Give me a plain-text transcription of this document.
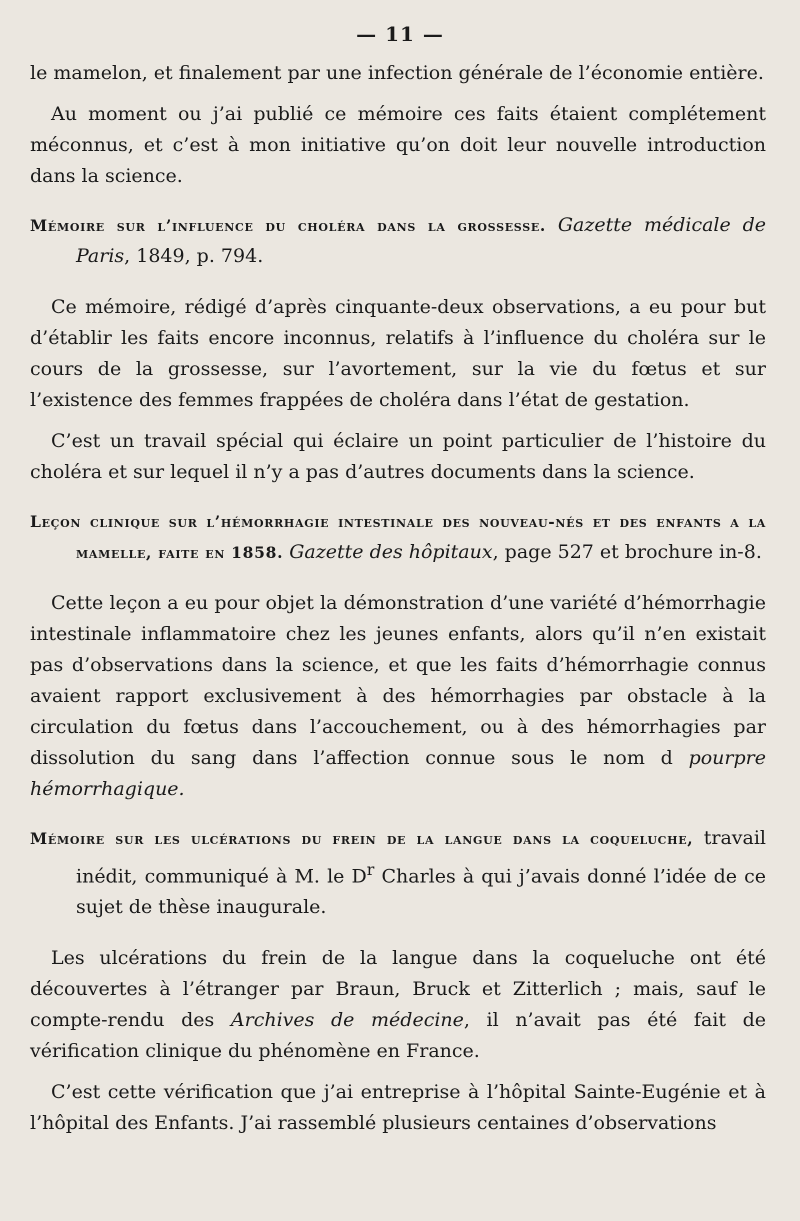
— 11 —

le mamelon, et finalement par une infection générale de l’économie entière.

Au moment ou j’ai publié ce mémoire ces faits étaient complétement méconnus, et c’est à mon initiative qu’on doit leur nouvelle introduction dans la science.

Mémoire sur l’influence du choléra dans la grossesse. Gazette médicale de Paris, 1849, p. 794.

Ce mémoire, rédigé d’après cinquante-deux observations, a eu pour but d’établir les faits encore inconnus, relatifs à l’influence du choléra sur le cours de la grossesse, sur l’avortement, sur la vie du fœtus et sur l’existence des femmes frappées de choléra dans l’état de gestation.

C’est un travail spécial qui éclaire un point particulier de l’histoire du choléra et sur lequel il n’y a pas d’autres documents dans la science.

Leçon clinique sur l’hémorrhagie intestinale des nouveau-nés et des enfants a la mamelle, faite en 1858. Gazette des hôpitaux, page 527 et brochure in-8.

Cette leçon a eu pour objet la démonstration d’une variété d’hémorrhagie intestinale inflammatoire chez les jeunes enfants, alors qu’il n’en existait pas d’observations dans la science, et que les faits d’hémorrhagie connus avaient rapport exclusivement à des hémorrhagies par obstacle à la circulation du fœtus dans l’accouchement, ou à des hémorrhagies par dissolution du sang dans l’affection connue sous le nom d pourpre hémorrhagique.

Mémoire sur les ulcérations du frein de la langue dans la coqueluche, travail inédit, communiqué à M. le $D^r$ Charles à qui j’avais donné l’idée de ce sujet de thèse inaugurale.

Les ulcérations du frein de la langue dans la coqueluche ont été découvertes à l’étranger par Braun, Bruck et Zitterlich ; mais, sauf le compte-rendu des Archives de médecine, il n’avait pas été fait de vérification clinique du phénomène en France.

C’est cette vérification que j’ai entreprise à l’hôpital Sainte-Eugénie et à l’hôpital des Enfants. J’ai rassemblé plusieurs centaines d’observations
